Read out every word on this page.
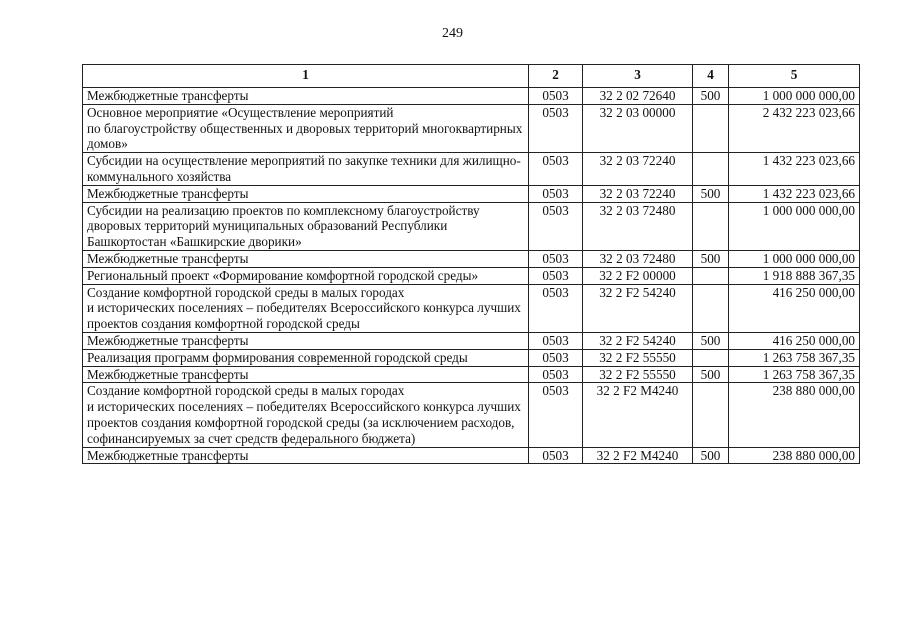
249
1	2	3	4	5
Межбюджетные трансферты	0503	32 2 02 72640	500	1 000 000 000,00
Основное мероприятие «Осуществление мероприятий
по благоустройству общественных и дворовых территорий многоквартирных домов»	0503	32 2 03 00000		2 432 223 023,66
Субсидии на осуществление мероприятий по закупке техники для жилищно-коммунального хозяйства	0503	32 2 03 72240		1 432 223 023,66
Межбюджетные трансферты	0503	32 2 03 72240	500	1 432 223 023,66
Субсидии на реализацию проектов по комплексному благоустройству дворовых территорий муниципальных образований Республики Башкортостан «Башкирские дворики»	0503	32 2 03 72480		1 000 000 000,00
Межбюджетные трансферты	0503	32 2 03 72480	500	1 000 000 000,00
Региональный проект «Формирование комфортной городской среды»	0503	32 2 F2 00000		1 918 888 367,35
Создание комфортной городской среды в малых городах
и исторических поселениях – победителях Всероссийского конкурса лучших проектов создания комфортной городской среды	0503	32 2 F2 54240		416 250 000,00
Межбюджетные трансферты	0503	32 2 F2 54240	500	416 250 000,00
Реализация программ формирования современной городской среды	0503	32 2 F2 55550		1 263 758 367,35
Межбюджетные трансферты	0503	32 2 F2 55550	500	1 263 758 367,35
Создание комфортной городской среды в малых городах
и исторических поселениях – победителях Всероссийского конкурса лучших проектов создания комфортной городской среды (за исключением расходов, софинансируемых за счет средств федерального бюджета)	0503	32 2 F2 M4240		238 880 000,00
Межбюджетные трансферты	0503	32 2 F2 M4240	500	238 880 000,00
